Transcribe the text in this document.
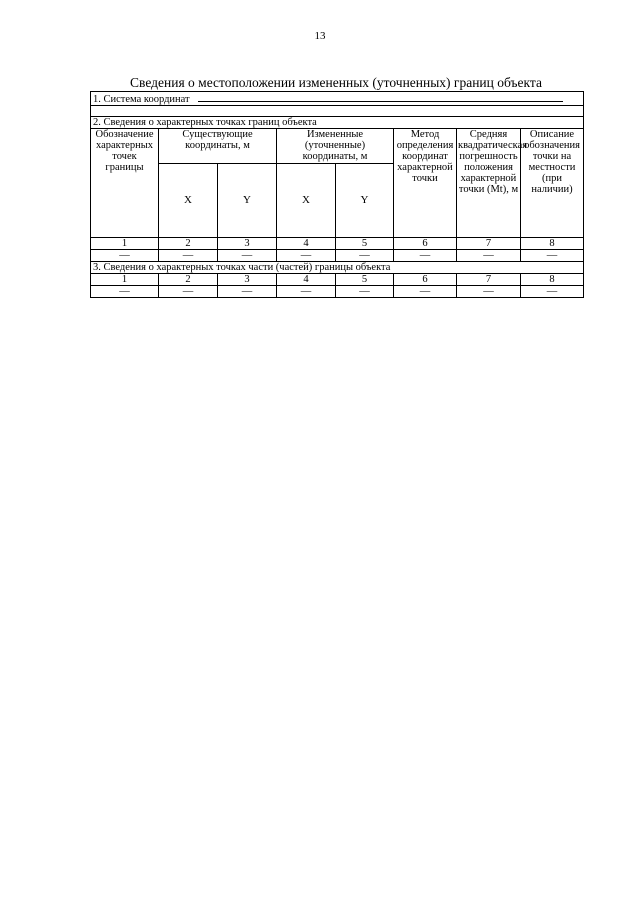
13
Сведения о местоположении измененных (уточненных) границ объекта
1. Система координат							

2. Сведения о характерных точках границ объекта							
Обозначение характерных точек границы	Существующие координаты, м		Измененные (уточненные) координаты, м		Метод определения координат характерной точки	Средняя квадратическая погрешность положения характерной точки (Mt), м	Описание обозначения точки на местности (при наличии)
	X	Y	X	Y			
1	2	3	4	5	6	7	8
—	—	—	—	—	—	—	—
3. Сведения о характерных точках части (частей) границы объекта							
1	2	3	4	5	6	7	8
—	—	—	—	—	—	—	—
